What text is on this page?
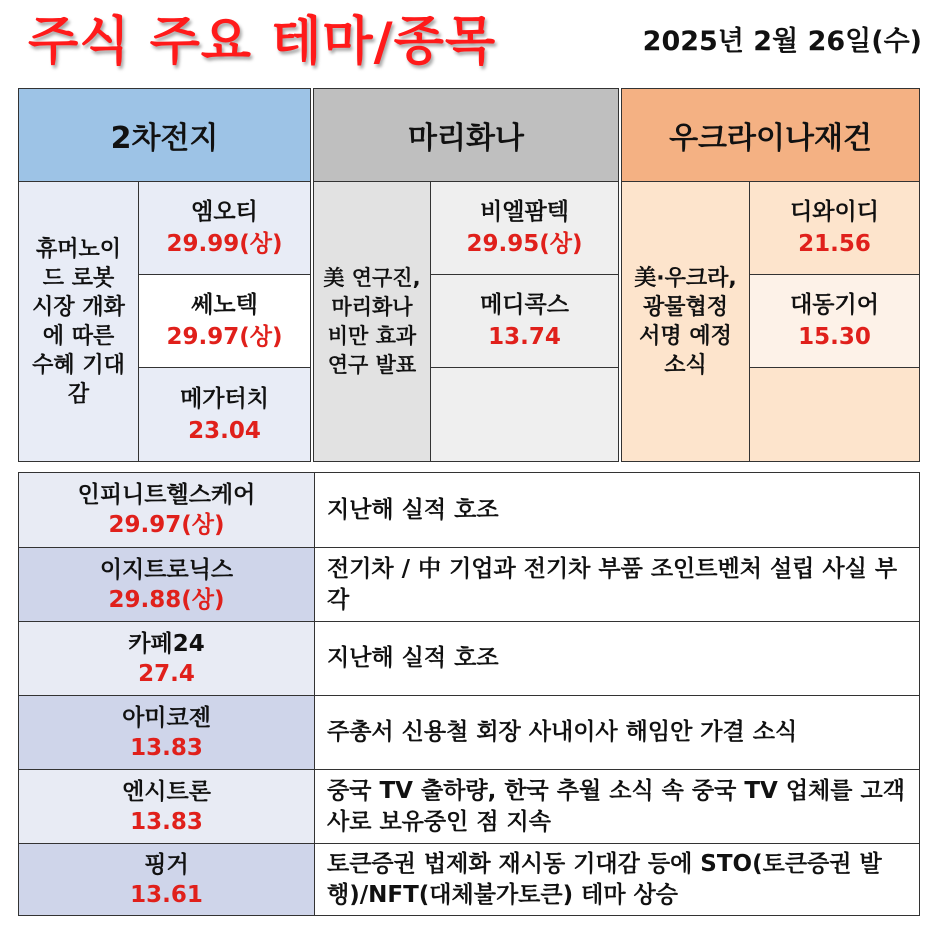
주식 주요 테마/종목	2025년 2월 26일(수)
2차전지
휴머노이
드 로봇
시장 개화
에 따른
수혜 기대
감
엠오티
29.99(상)
쎄노텍
29.97(상)
메가터치
23.04
마리화나
美 연구진,
마리화나
비만 효과
연구 발표
비엘팜텍
29.95(상)
메디콕스
13.74
우크라이나재건
美·우크라,
광물협정
서명 예정
소식
디와이디
21.56
대동기어
15.30
인피니트헬스케어
29.97(상)
지난해 실적 호조
이지트로닉스
29.88(상)
전기차 / 中 기업과 전기차 부품 조인트벤처 설립 사실 부각
카페24
27.4
지난해 실적 호조
아미코젠
13.83
주총서 신용철 회장 사내이사 해임안 가결 소식
엔시트론
13.83
중국 TV 출하량, 한국 추월 소식 속 중국 TV 업체를 고객사로 보유중인 점 지속
핑거
13.61
토큰증권 법제화 재시동 기대감 등에 STO(토큰증권 발행)/NFT(대체불가토큰) 테마 상승
